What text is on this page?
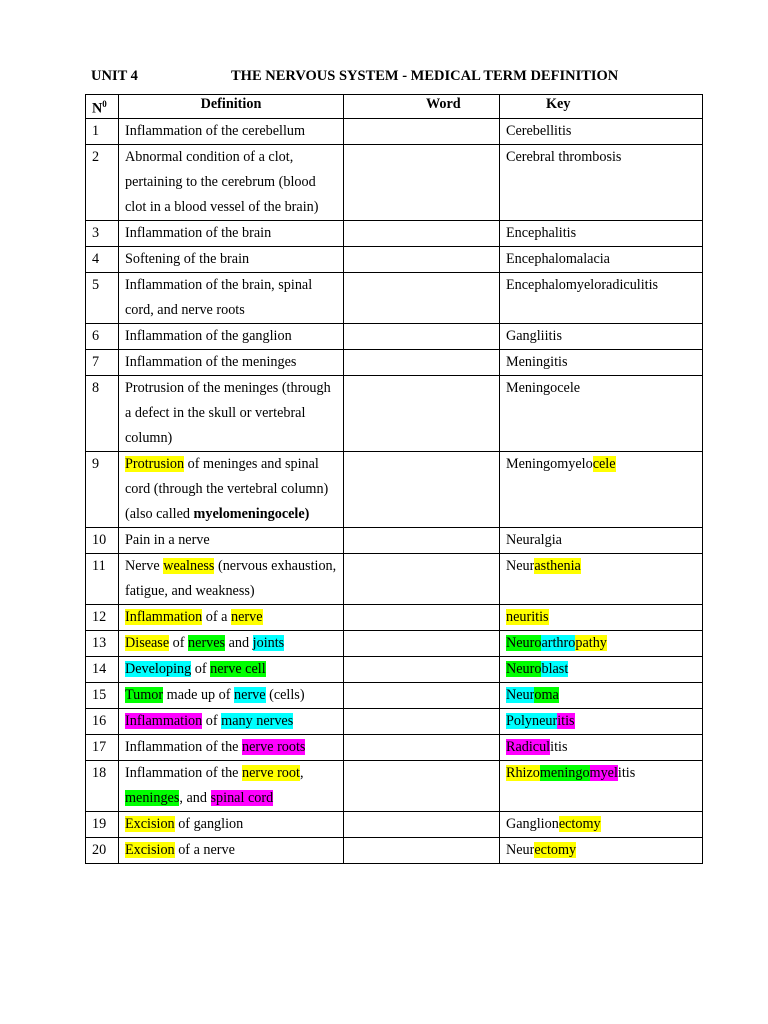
UNIT 4	THE NERVOUS SYSTEM - MEDICAL TERM DEFINITION
$N^0$	Definition	Word	Key
1	Inflammation of the cerebellum		Cerebellitis
2	Abnormal condition of a clot, pertaining to the cerebrum (blood clot in a blood vessel of the brain)		Cerebral thrombosis
3	Inflammation of the brain		Encephalitis
4	Softening of the brain		Encephalomalacia
5	Inflammation of the brain, spinal cord, and nerve roots		Encephalomyeloradiculitis
6	Inflammation of the ganglion		Gangliitis
7	Inflammation of the meninges		Meningitis
8	Protrusion of the meninges (through a defect in the skull or vertebral column)		Meningocele
9	Protrusion of meninges and spinal cord (through the vertebral column) (also called myelomeningocele)		Meningomyelocele
10	Pain in a nerve		Neuralgia
11	Nerve wealness (nervous exhaustion, fatigue, and weakness)		Neurasthenia
12	Inflammation of a nerve		neuritis
13	Disease of nerves and joints		Neuroarthropathy
14	Developing of nerve cell		Neuroblast
15	Tumor made up of nerve (cells)		Neuroma
16	Inflammation of many nerves		Polyneuritis
17	Inflammation of the nerve roots		Radiculitis
18	Inflammation of the nerve root, meninges, and spinal cord		Rhizomeningomyelitis
19	Excision of ganglion		Ganglionectomy
20	Excision of a nerve		Neurectomy
